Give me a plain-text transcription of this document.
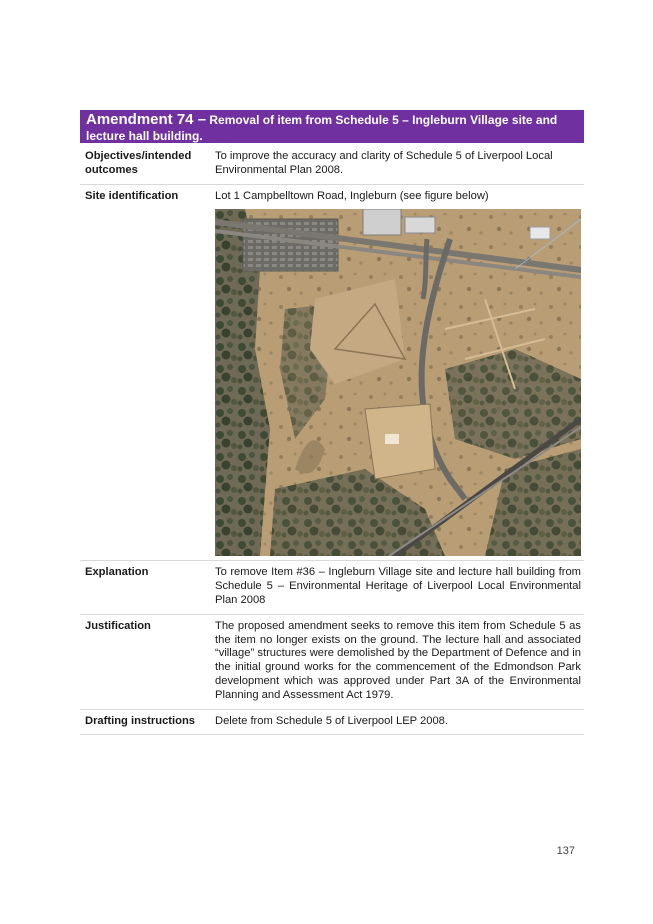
Amendment 74 – Removal of item from Schedule 5 – Ingleburn Village site and lecture hall building.
Objectives/intended outcomes	To improve the accuracy and clarity of Schedule 5 of Liverpool Local Environmental Plan 2008.
Site identification	Lot 1 Campbelltown Road, Ingleburn (see figure below)

Explanation	To remove Item #36 – Ingleburn Village site and lecture hall building from Schedule 5 – Environmental Heritage of Liverpool Local Environmental Plan 2008
Justification	The proposed amendment seeks to remove this item from Schedule 5 as the item no longer exists on the ground. The lecture hall and associated “village” structures were demolished by the Department of Defence and in the initial ground works for the commencement of the Edmondson Park development which was approved under Part 3A of the Environmental Planning and Assessment Act 1979.
Drafting instructions	Delete from Schedule 5 of Liverpool LEP 2008.
137
